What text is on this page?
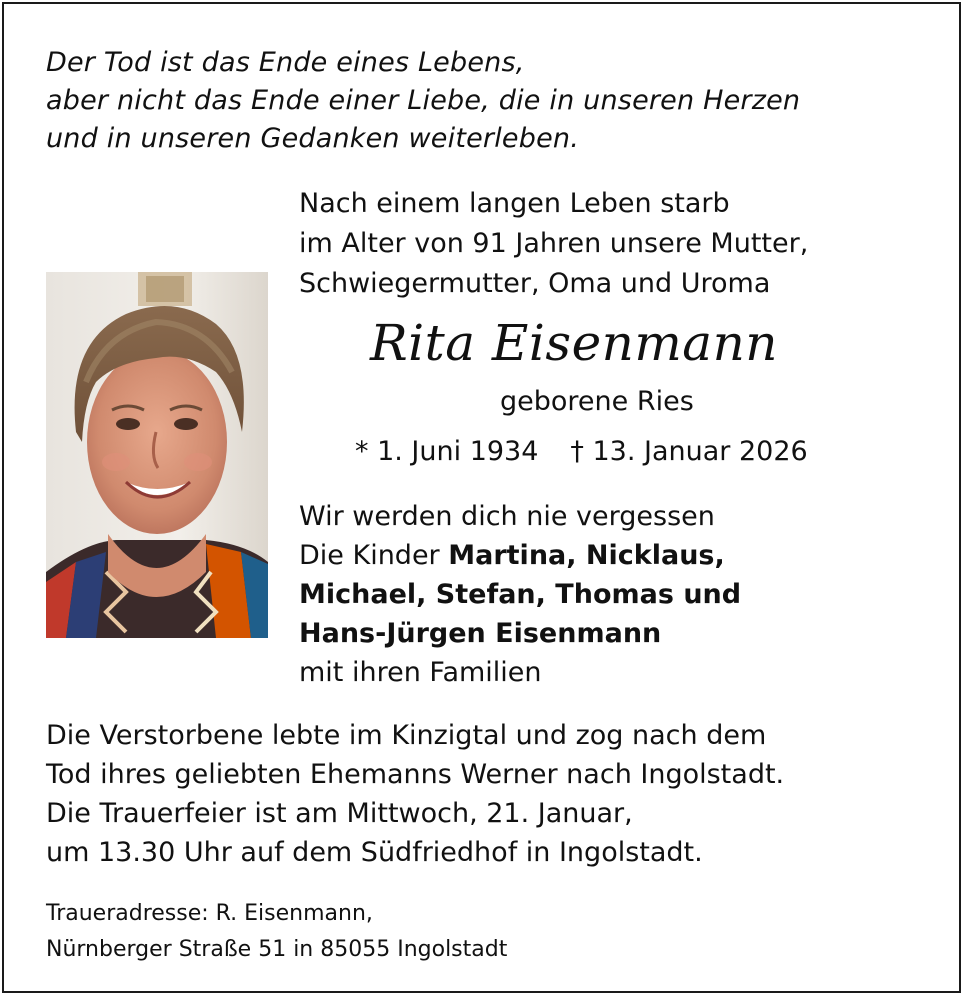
Der Tod ist das Ende eines Lebens,
aber nicht das Ende einer Liebe, die in unseren Herzen
und in unseren Gedanken weiterleben.
Nach einem langen Leben starb
im Alter von 91 Jahren unsere Mutter,
Schwiegermutter, Oma und Uroma
Rita Eisenmann
geborene Ries
* 1. Juni 1934 † 13. Januar 2026
Wir werden dich nie vergessen
Die Kinder Martina, Nicklaus,
Michael, Stefan, Thomas und
Hans-Jürgen Eisenmann
mit ihren Familien
Die Verstorbene lebte im Kinzigtal und zog nach dem
Tod ihres geliebten Ehemanns Werner nach Ingolstadt.
Die Trauerfeier ist am Mittwoch, 21. Januar,
um 13.30 Uhr auf dem Südfriedhof in Ingolstadt.
Traueradresse: R. Eisenmann,
Nürnberger Straße 51 in 85055 Ingolstadt
